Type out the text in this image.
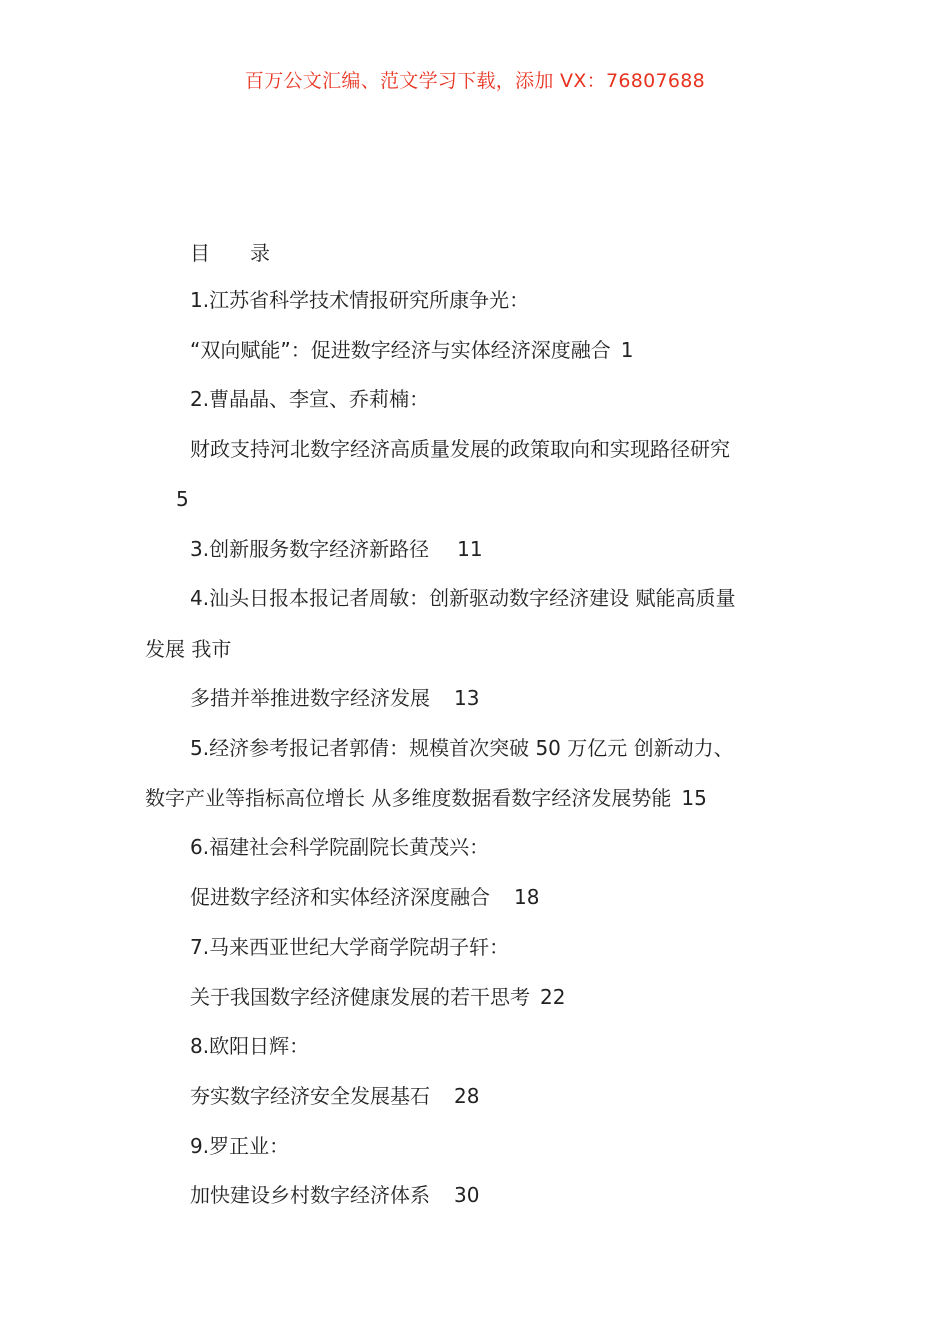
百万公文汇编、范文学习下载，添加 VX：76807688
目 录
1.江苏省科学技术情报研究所康争光：
“双向赋能”：促进数字经济与实体经济深度融合 1
2.曹晶晶、李宣、乔莉楠：
财政支持河北数字经济高质量发展的政策取向和实现路径研究
5
3.创新服务数字经济新路径 11
4.汕头日报本报记者周敏：创新驱动数字经济建设 赋能高质量
发展 我市
多措并举推进数字经济发展 13
5.经济参考报记者郭倩：规模首次突破 50 万亿元 创新动力、
数字产业等指标高位增长 从多维度数据看数字经济发展势能 15
6.福建社会科学院副院长黄茂兴：
促进数字经济和实体经济深度融合 18
7.马来西亚世纪大学商学院胡子轩：
关于我国数字经济健康发展的若干思考 22
8.欧阳日辉：
夯实数字经济安全发展基石 28
9.罗正业：
加快建设乡村数字经济体系 30
